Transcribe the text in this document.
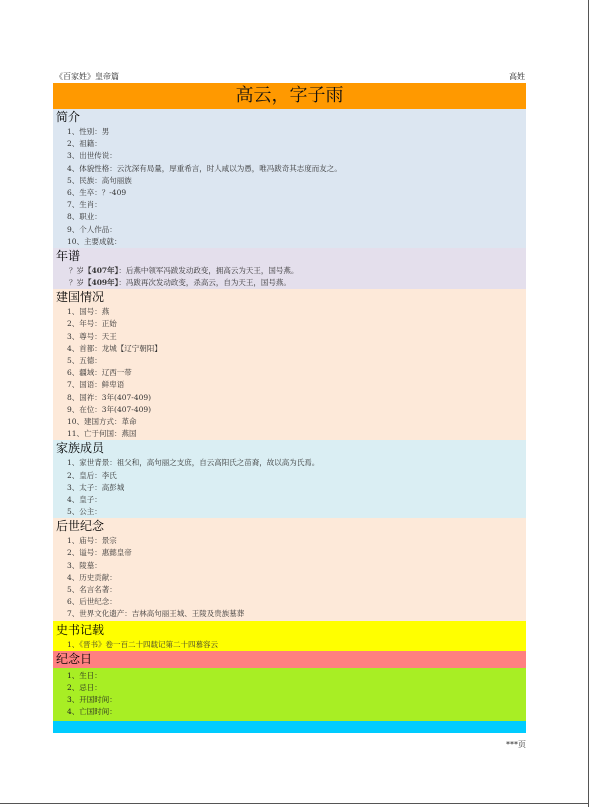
《百家姓》皇帝篇	高姓
高云，字子雨
简介
1、性别：男
2、祖籍：
3、出世传说：
4、体貌性格：云沈深有局量，厚重希言，时人咸以为愚，唯冯跋奇其志度而友之。
5、民族：高句丽族
6、生卒：？-409
7、生肖：
8、职业：
9、个人作品：
10、主要成就：
年谱
？岁【407年】：后燕中领军冯跋发动政变，拥高云为天王，国号燕。
？岁【409年】：冯跋再次发动政变，杀高云，自为天王，国号燕。
建国情况
1、国号：燕
2、年号：正始
3、尊号：天王
4、首都：龙城【辽宁朝阳】
5、五德：
6、疆域：辽西一带
7、国语：鲜卑语
8、国祚：3年(407-409)
9、在位：3年(407-409)
10、建国方式：革命
11、亡于何国：燕国
家族成员
1、家世背景：祖父和，高句丽之支庶，自云高阳氏之苗裔，故以高为氏焉。
2、皇后：李氏
3、太子：高彭城
4、皇子：
5、公主：
后世纪念
1、庙号：景宗
2、谥号：惠懿皇帝
3、陵墓：
4、历史贡献：
5、名言名著：
6、后世纪念：
7、世界文化遗产：吉林高句丽王城、王陵及贵族墓葬
史书记载
1、《晋书》卷一百二十四载记第二十四慕容云
纪念日
1、生日：
2、忌日：
3、开国时间：
4、亡国时间：
***页
